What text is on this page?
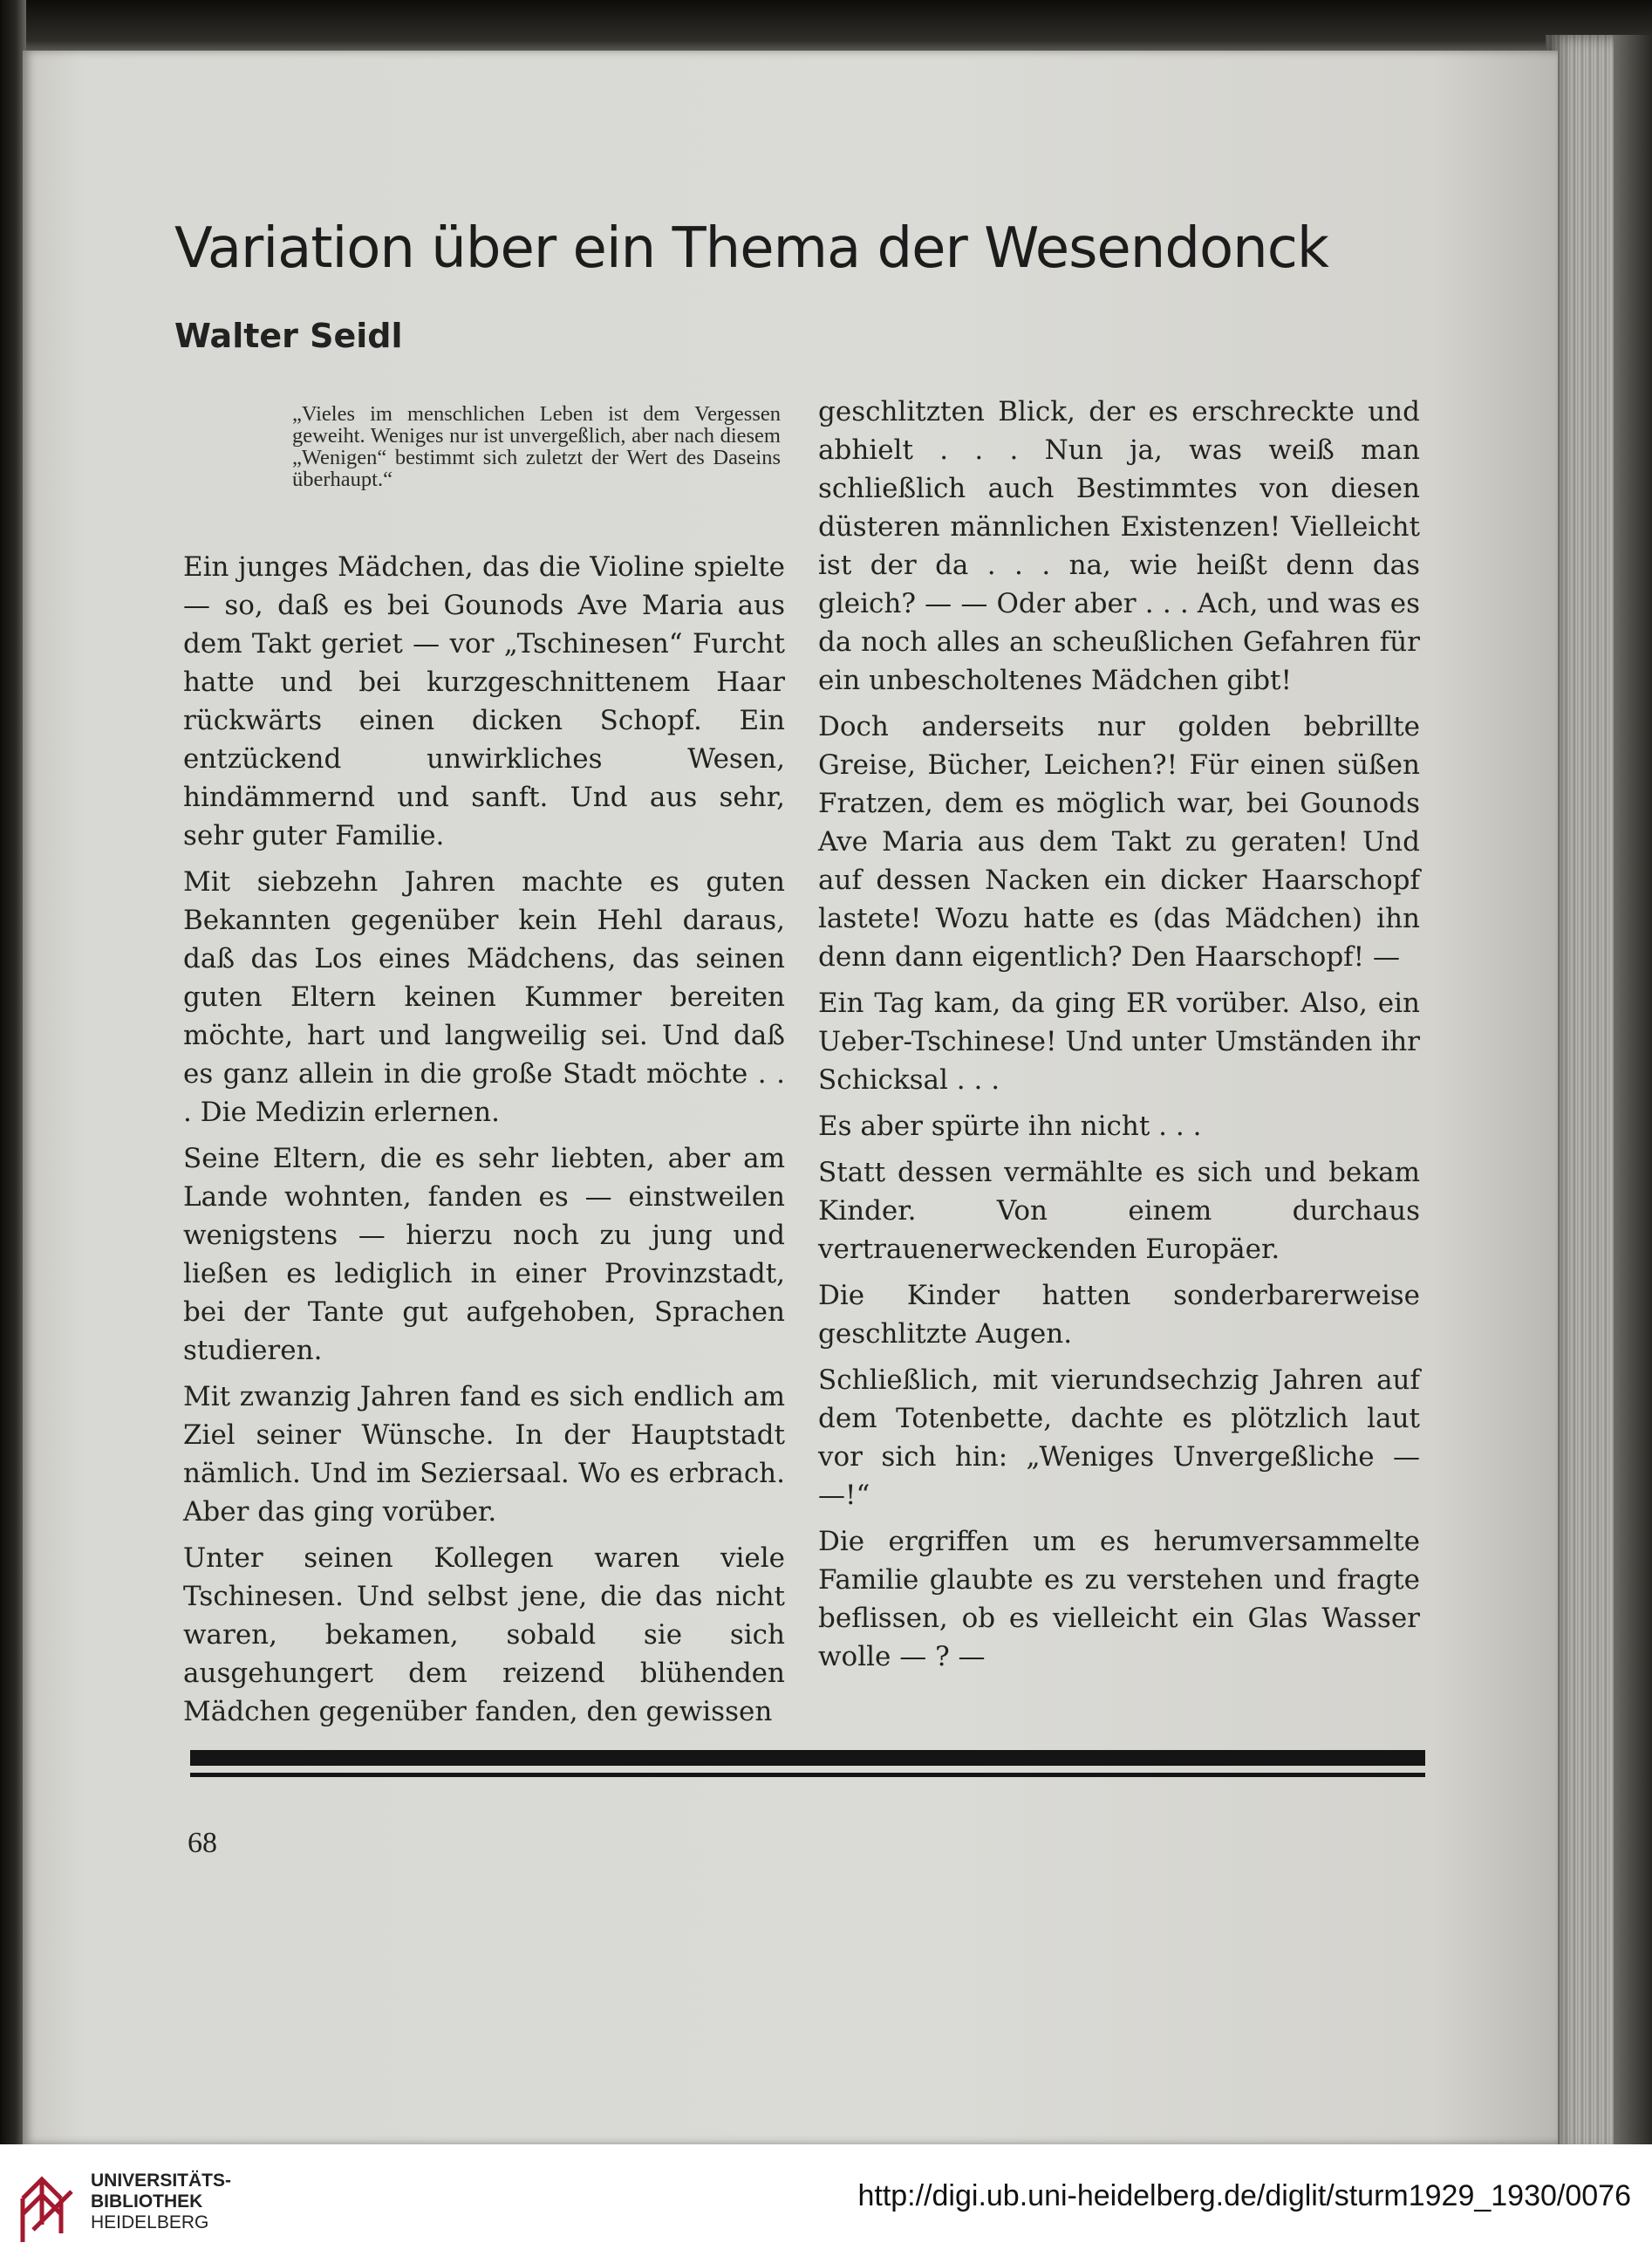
Variation über ein Thema der Wesendonck
Walter Seidl

„Vieles im menschlichen Leben ist dem Vergessen geweiht. Weniges nur ist unvergeßlich, aber nach diesem „Wenigen“ bestimmt sich zuletzt der Wert des Daseins überhaupt.“

Ein junges Mädchen, das die Violine spielte — so, daß es bei Gounods Ave Maria aus dem Takt geriet — vor „Tschinesen“ Furcht hatte und bei kurzgeschnittenem Haar rückwärts einen dicken Schopf. Ein entzückend unwirkliches Wesen, hindämmernd und sanft. Und aus sehr, sehr guter Familie.

Mit siebzehn Jahren machte es guten Bekannten gegenüber kein Hehl daraus, daß das Los eines Mädchens, das seinen guten Eltern keinen Kummer bereiten möchte, hart und langweilig sei. Und daß es ganz allein in die große Stadt möchte . . . Die Medizin erlernen.

Seine Eltern, die es sehr liebten, aber am Lande wohnten, fanden es — einstweilen wenigstens — hierzu noch zu jung und ließen es lediglich in einer Provinzstadt, bei der Tante gut aufgehoben, Sprachen studieren.

Mit zwanzig Jahren fand es sich endlich am Ziel seiner Wünsche. In der Hauptstadt nämlich. Und im Seziersaal. Wo es erbrach. Aber das ging vorüber.

Unter seinen Kollegen waren viele Tschinesen. Und selbst jene, die das nicht waren, bekamen, sobald sie sich ausgehungert dem reizend blühenden Mädchen gegenüber fanden, den gewissen

geschlitzten Blick, der es erschreckte und abhielt . . . Nun ja, was weiß man schließlich auch Bestimmtes von diesen düsteren männlichen Existenzen! Vielleicht ist der da . . . na, wie heißt denn das gleich? — — Oder aber . . . Ach, und was es da noch alles an scheußlichen Gefahren für ein unbescholtenes Mädchen gibt!

Doch anderseits nur golden bebrillte Greise, Bücher, Leichen?! Für einen süßen Fratzen, dem es möglich war, bei Gounods Ave Maria aus dem Takt zu geraten! Und auf dessen Nacken ein dicker Haarschopf lastete! Wozu hatte es (das Mädchen) ihn denn dann eigentlich? Den Haarschopf! —

Ein Tag kam, da ging ER vorüber. Also, ein Ueber-Tschinese! Und unter Umständen ihr Schicksal . . .

Es aber spürte ihn nicht . . .

Statt dessen vermählte es sich und bekam Kinder. Von einem durchaus vertrauenerweckenden Europäer.

Die Kinder hatten sonderbarerweise geschlitzte Augen.

Schließlich, mit vierundsechzig Jahren auf dem Totenbette, dachte es plötzlich laut vor sich hin: „Weniges Unvergeßliche — —!“

Die ergriffen um es herumversammelte Familie glaubte es zu verstehen und fragte beflissen, ob es vielleicht ein Glas Wasser wolle — ? —

68
UNIVERSITÄTS-
BIBLIOTHEK
HEIDELBERG
http://digi.ub.uni-heidelberg.de/diglit/sturm1929_1930/0076
